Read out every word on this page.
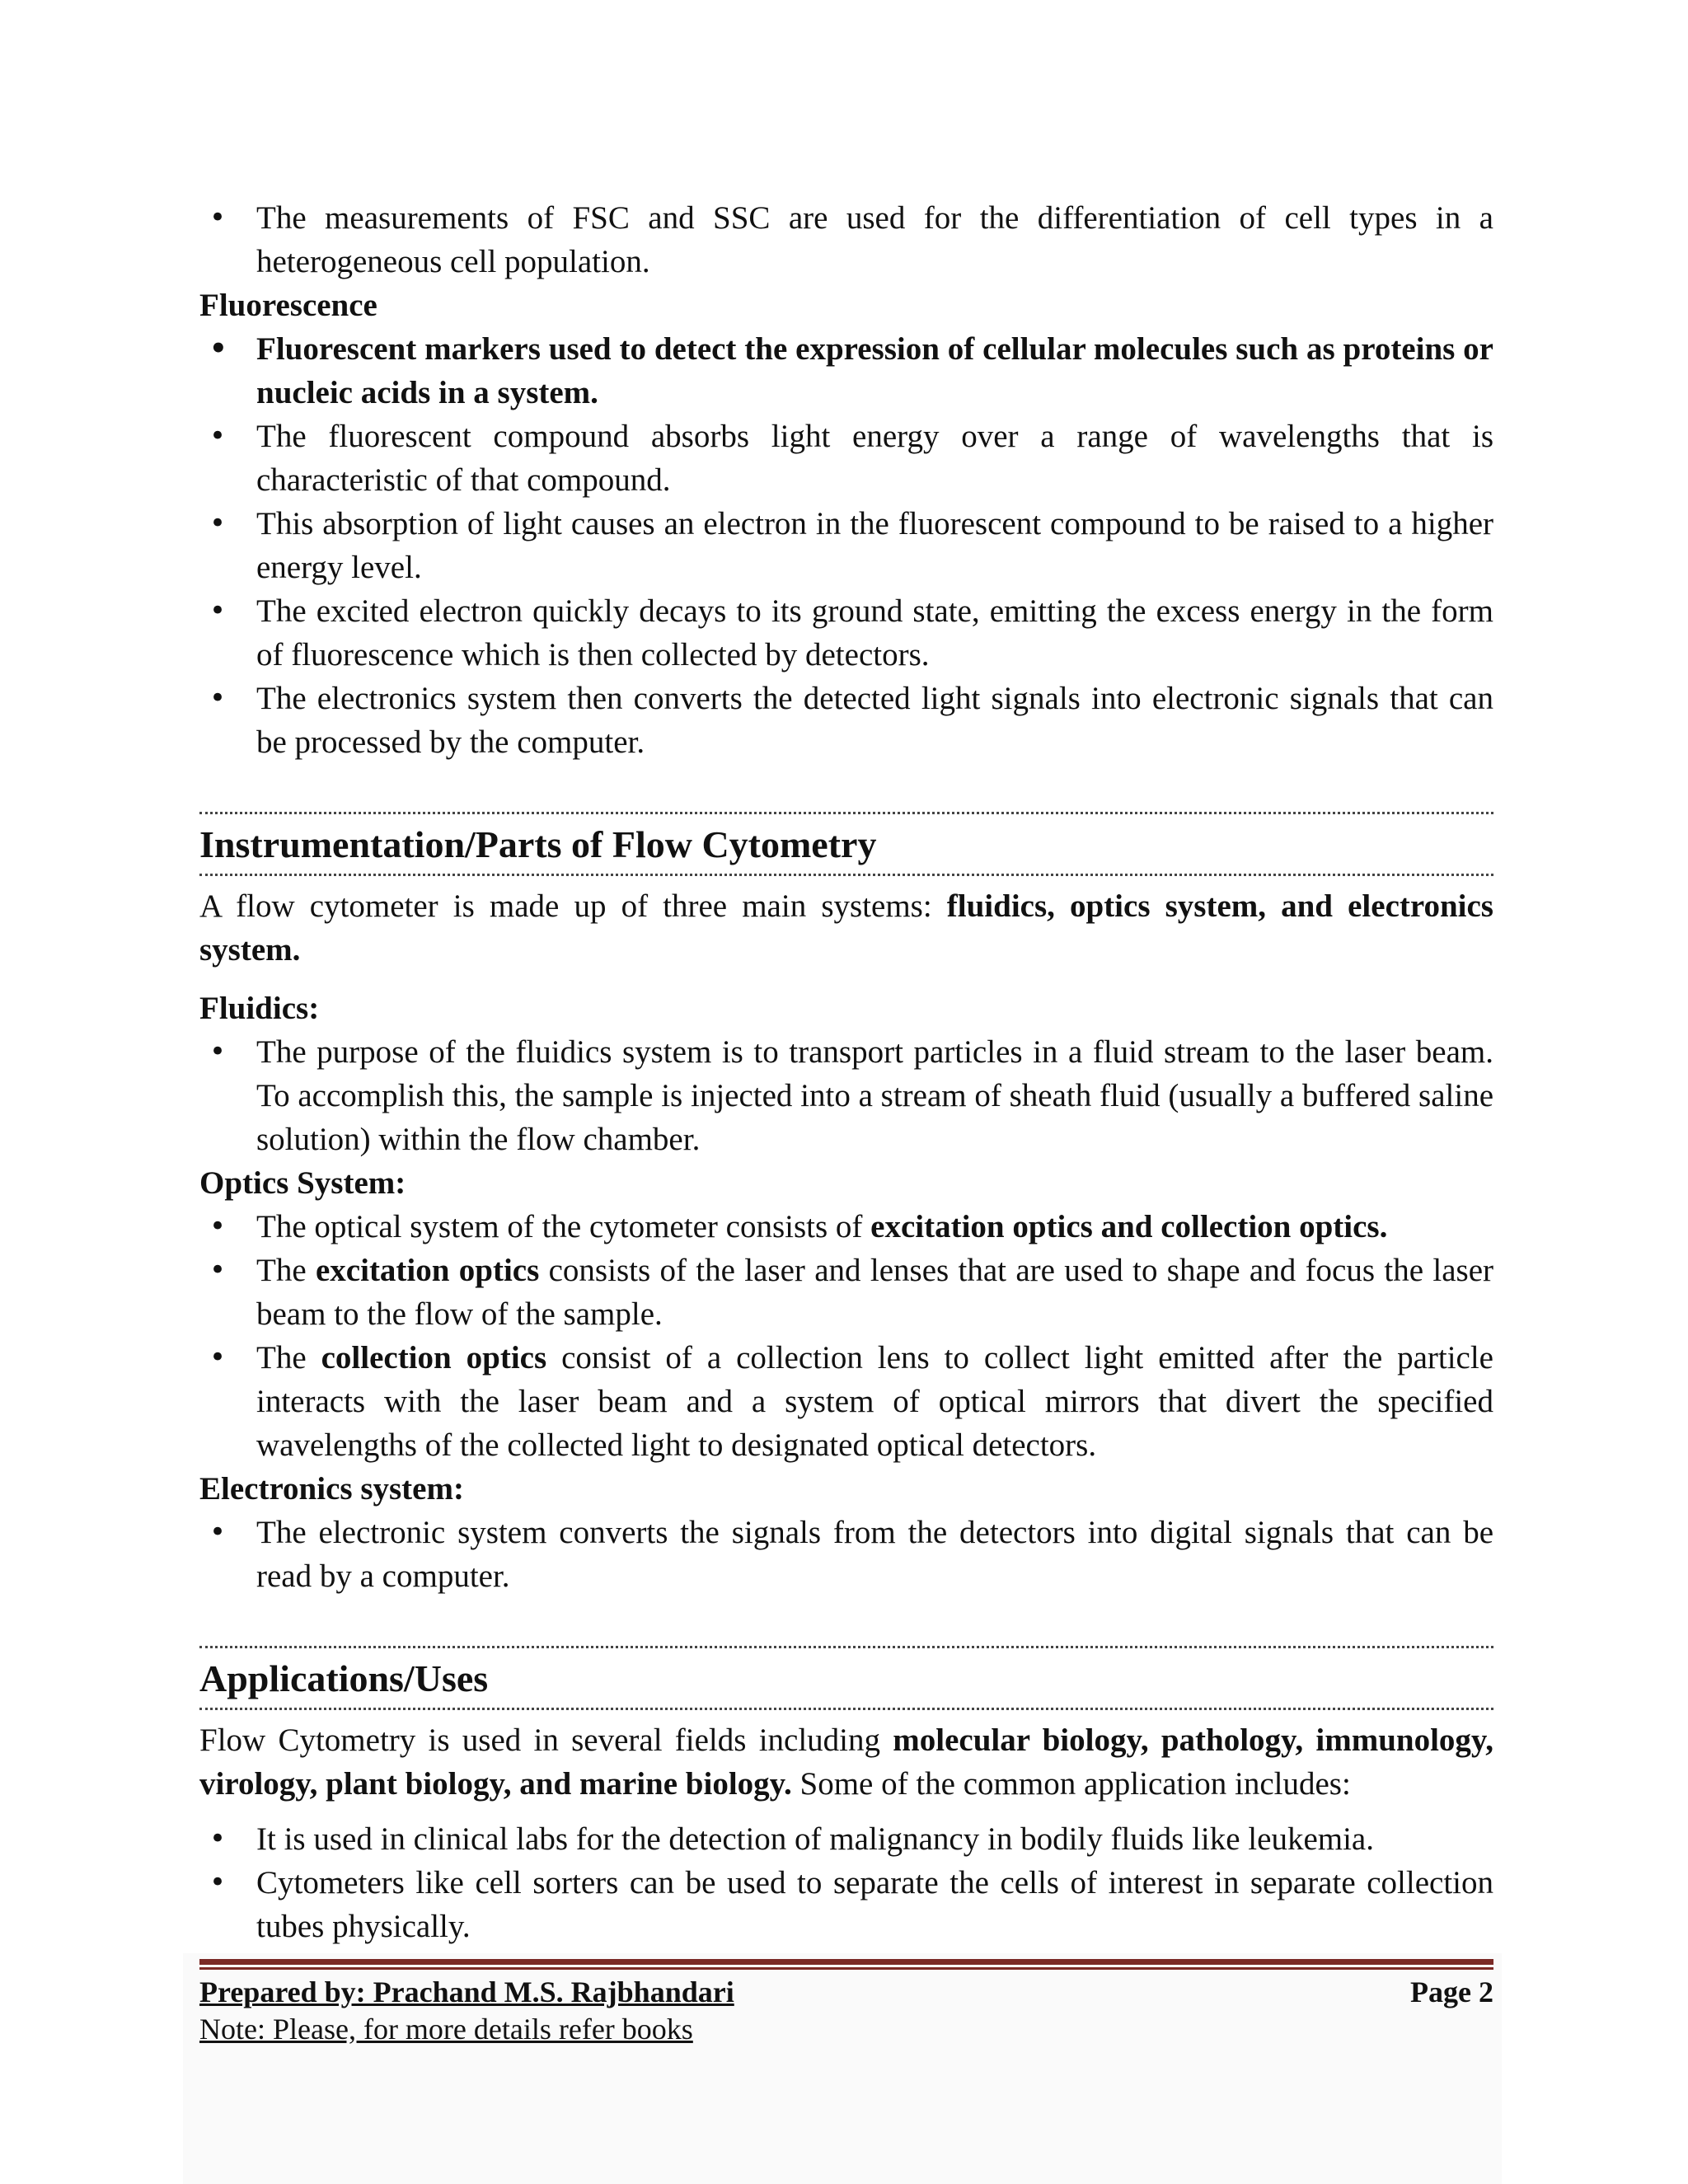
• The measurements of FSC and SSC are used for the differentiation of cell types in a heterogeneous cell population.

Fluorescence

• Fluorescent markers used to detect the expression of cellular molecules such as proteins or nucleic acids in a system.
• The fluorescent compound absorbs light energy over a range of wavelengths that is characteristic of that compound.
• This absorption of light causes an electron in the fluorescent compound to be raised to a higher energy level.
• The excited electron quickly decays to its ground state, emitting the excess energy in the form of fluorescence which is then collected by detectors.
• The electronics system then converts the detected light signals into electronic signals that can be processed by the computer.
Instrumentation/Parts of Flow Cytometry

A flow cytometer is made up of three main systems: fluidics, optics system, and electronics system.

Fluidics:

• The purpose of the fluidics system is to transport particles in a fluid stream to the laser beam. To accomplish this, the sample is injected into a stream of sheath fluid (usually a buffered saline solution) within the flow chamber.

Optics System:

• The optical system of the cytometer consists of excitation optics and collection optics.
• The excitation optics consists of the laser and lenses that are used to shape and focus the laser beam to the flow of the sample.
• The collection optics consist of a collection lens to collect light emitted after the particle interacts with the laser beam and a system of optical mirrors that divert the specified wavelengths of the collected light to designated optical detectors.

Electronics system:

• The electronic system converts the signals from the detectors into digital signals that can be read by a computer.
Applications/Uses

Flow Cytometry is used in several fields including molecular biology, pathology, immunology, virology, plant biology, and marine biology. Some of the common application includes:

• It is used in clinical labs for the detection of malignancy in bodily fluids like leukemia.
• Cytometers like cell sorters can be used to separate the cells of interest in separate collection tubes physically.
Prepared by: Prachand M.S. Rajbhandari	Page 2
Note: Please, for more details refer books
